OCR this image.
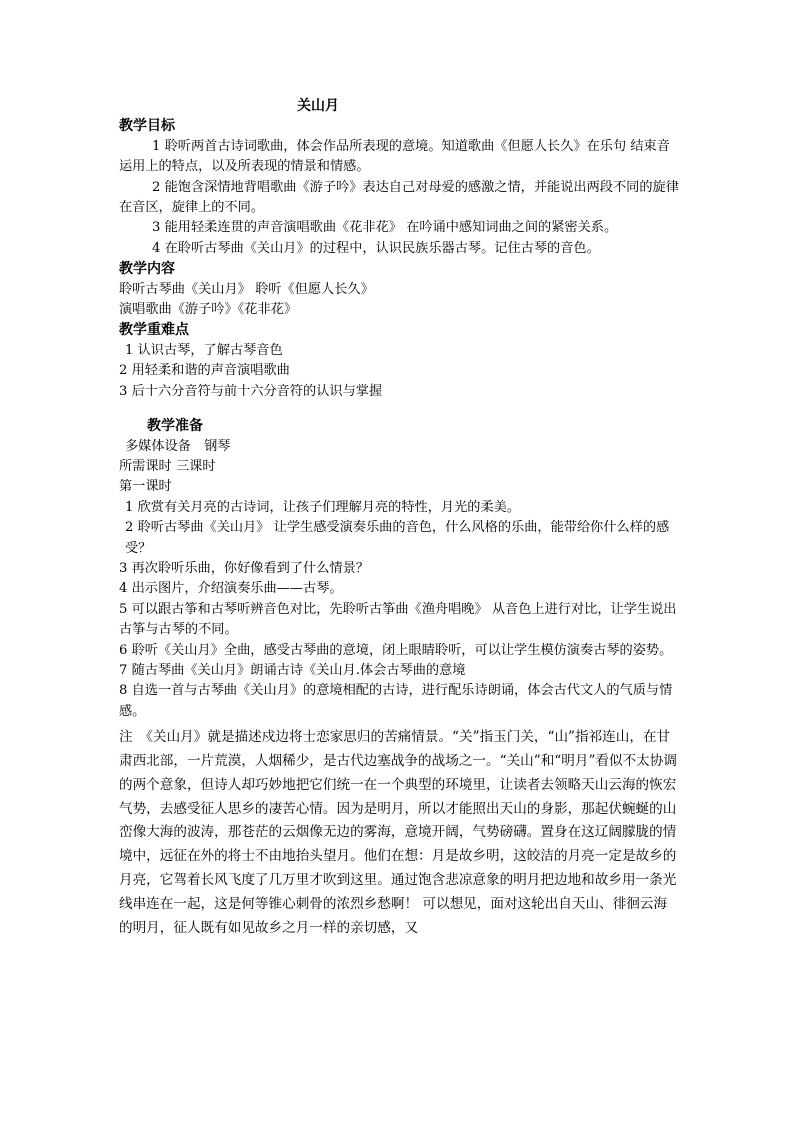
关山月

教学目标

1 聆听两首古诗词歌曲，体会作品所表现的意境。知道歌曲《但愿人长久》在乐句 结束音运用上的特点，以及所表现的情景和情感。

2 能饱含深情地背唱歌曲《游子吟》表达自己对母爱的感激之情，并能说出两段不同的旋律在音区，旋律上的不同。

3 能用轻柔连贯的声音演唱歌曲《花非花》 在吟诵中感知词曲之间的紧密关系。

4 在聆听古琴曲《关山月》的过程中，认识民族乐器古琴。记住古琴的音色。

教学内容

聆听古琴曲《关山月》 聆听《但愿人长久》

演唱歌曲《游子吟》《花非花》

教学重难点

1 认识古琴，了解古琴音色

2 用轻柔和谐的声音演唱歌曲

3 后十六分音符与前十六分音符的认识与掌握

教学准备

多媒体设备　钢琴

所需课时 三课时

第一课时

1 欣赏有关月亮的古诗词，让孩子们理解月亮的特性，月光的柔美。

2 聆听古琴曲《关山月》 让学生感受演奏乐曲的音色，什么风格的乐曲，能带给你什么样的感受？

3 再次聆听乐曲，你好像看到了什么情景？

4 出示图片，介绍演奏乐曲——古琴。

5 可以跟古筝和古琴听辨音色对比，先聆听古筝曲《渔舟唱晚》 从音色上进行对比，让学生说出古筝与古琴的不同。

6 聆听《关山月》全曲，感受古琴曲的意境，闭上眼睛聆听，可以让学生模仿演奏古琴的姿势。

7 随古琴曲《关山月》朗诵古诗《关山月.体会古琴曲的意境

8 自选一首与古琴曲《关山月》的意境相配的古诗，进行配乐诗朗诵，体会古代文人的气质与情感。

注　《关山月》就是描述戍边将士恋家思归的苦痛情景。“关”指玉门关，“山”指祁连山，在甘肃西北部，一片荒漠，人烟稀少，是古代边塞战争的战场之一。“关山”和“明月”看似不太协调的两个意象，但诗人却巧妙地把它们统一在一个典型的环境里，让读者去领略天山云海的恢宏气势，去感受征人思乡的凄苦心情。因为是明月，所以才能照出天山的身影，那起伏蜿蜒的山峦像大海的波涛，那苍茫的云烟像无边的雾海，意境开阔，气势磅礴。置身在这辽阔朦胧的情境中，远征在外的将士不由地抬头望月。他们在想：月是故乡明，这皎洁的月亮一定是故乡的月亮，它驾着长风飞度了几万里才吹到这里。通过饱含悲凉意象的明月把边地和故乡用一条光线串连在一起，这是何等锥心刺骨的浓烈乡愁啊！ 可以想见，面对这轮出自天山、徘徊云海的明月，征人既有如见故乡之月一样的亲切感，又
